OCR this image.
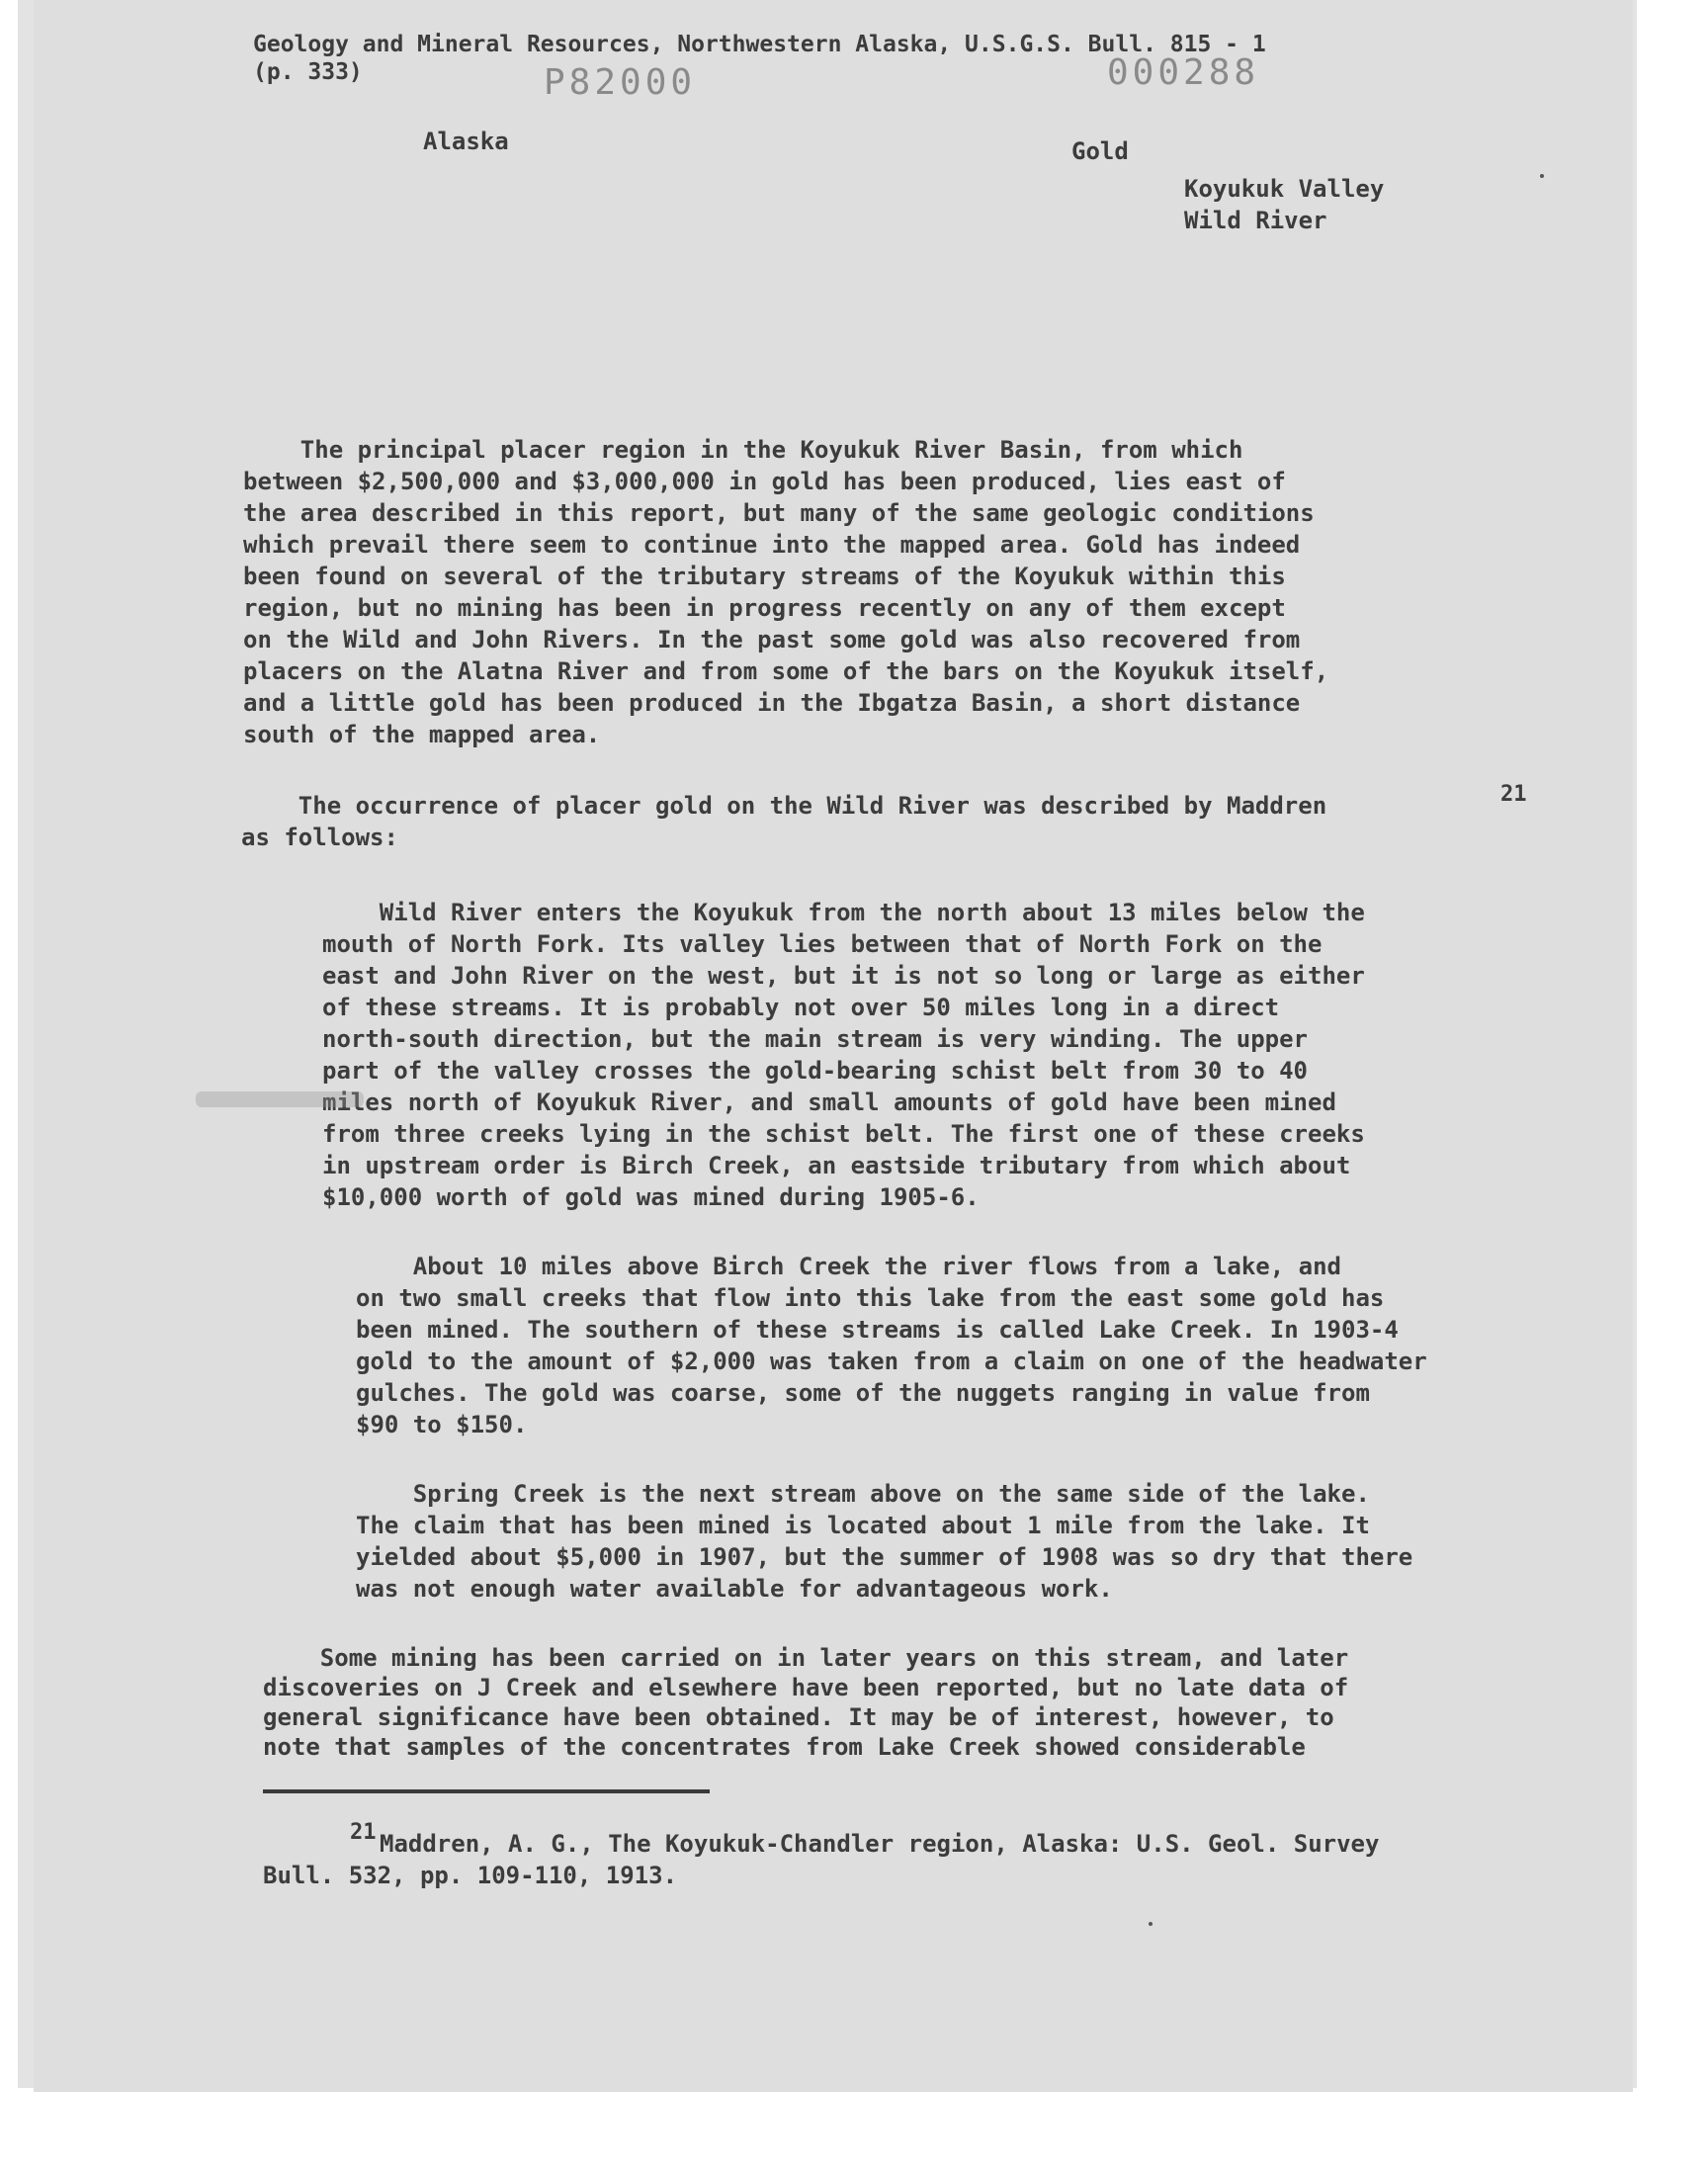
Geology and Mineral Resources, Northwestern Alaska, U.S.G.S. Bull. 815 - 1
(p. 333)	P82000	000288
Alaska	Gold
Koyukuk Valley
Wild River
The principal placer region in the Koyukuk River Basin, from which
between $2,500,000 and $3,000,000 in gold has been produced, lies east of
the area described in this report, but many of the same geologic conditions
which prevail there seem to continue into the mapped area. Gold has indeed
been found on several of the tributary streams of the Koyukuk within this
region, but no mining has been in progress recently on any of them except
on the Wild and John Rivers. In the past some gold was also recovered from
placers on the Alatna River and from some of the bars on the Koyukuk itself,
and a little gold has been produced in the Ibgatza Basin, a short distance
south of the mapped area.
The occurrence of placer gold on the Wild River was described by Maddren
as follows:
21
Wild River enters the Koyukuk from the north about 13 miles below the
mouth of North Fork. Its valley lies between that of North Fork on the
east and John River on the west, but it is not so long or large as either
of these streams. It is probably not over 50 miles long in a direct
north-south direction, but the main stream is very winding. The upper
part of the valley crosses the gold-bearing schist belt from 30 to 40
miles north of Koyukuk River, and small amounts of gold have been mined
from three creeks lying in the schist belt. The first one of these creeks
in upstream order is Birch Creek, an eastside tributary from which about
$10,000 worth of gold was mined during 1905-6.
About 10 miles above Birch Creek the river flows from a lake, and
on two small creeks that flow into this lake from the east some gold has
been mined. The southern of these streams is called Lake Creek. In 1903-4
gold to the amount of $2,000 was taken from a claim on one of the headwater
gulches. The gold was coarse, some of the nuggets ranging in value from
$90 to $150.
Spring Creek is the next stream above on the same side of the lake.
The claim that has been mined is located about 1 mile from the lake. It
yielded about $5,000 in 1907, but the summer of 1908 was so dry that there
was not enough water available for advantageous work.
Some mining has been carried on in later years on this stream, and later
discoveries on J Creek and elsewhere have been reported, but no late data of
general significance have been obtained. It may be of interest, however, to
note that samples of the concentrates from Lake Creek showed considerable
21 Maddren, A. G., The Koyukuk-Chandler region, Alaska: U.S. Geol. Survey
Bull. 532, pp. 109-110, 1913.
